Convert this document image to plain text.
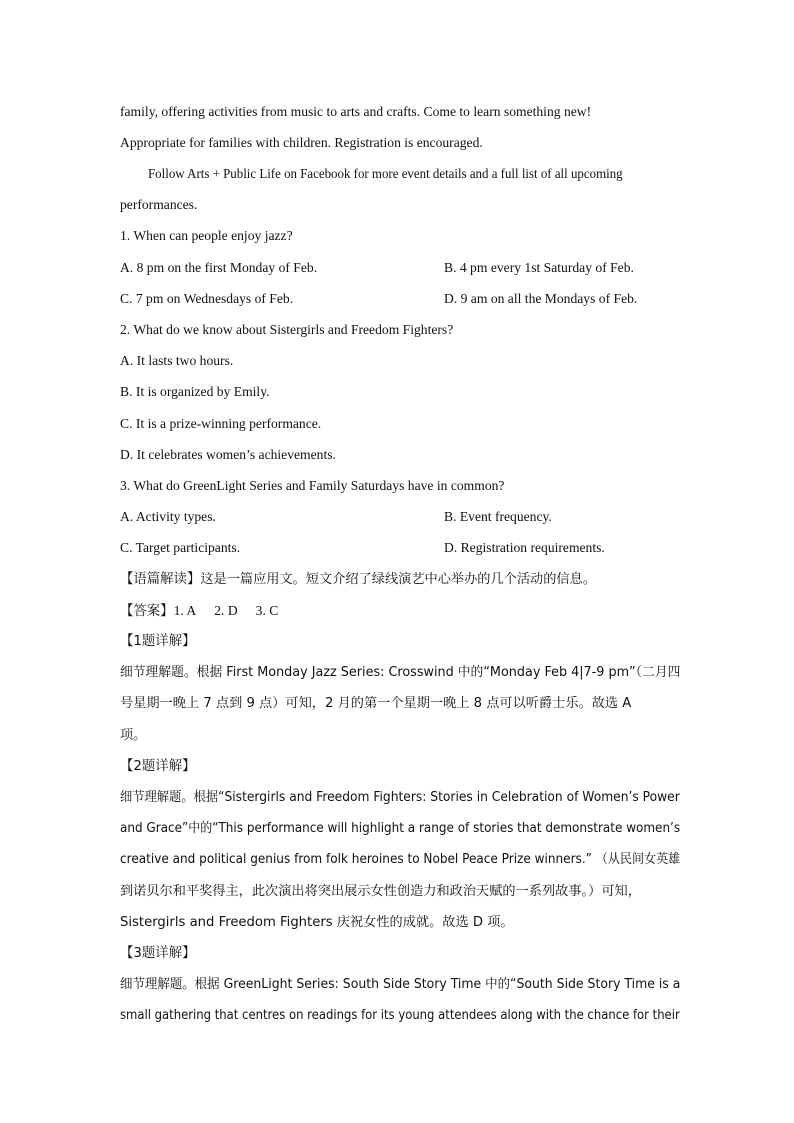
family, offering activities from music to arts and crafts. Come to learn something new!
Appropriate for families with children. Registration is encouraged.
Follow Arts + Public Life on Facebook for more event details and a full list of all upcoming
performances.
1. When can people enjoy jazz?
A. 8 pm on the first Monday of Feb.	B. 4 pm every 1st Saturday of Feb.
C. 7 pm on Wednesdays of Feb.	D. 9 am on all the Mondays of Feb.
2. What do we know about Sistergirls and Freedom Fighters?
A. It lasts two hours.
B. It is organized by Emily.
C. It is a prize-winning performance.
D. It celebrates women’s achievements.
3. What do GreenLight Series and Family Saturdays have in common?
A. Activity types.	B. Event frequency.
C. Target participants.	D. Registration requirements.
【语篇解读】这是一篇应用文。短文介绍了绿线演艺中心举办的几个活动的信息。
【答案】1. A 2. D 3. C
【1题详解】
细节理解题。根据 First Monday Jazz Series: Crosswind 中的“Monday Feb 4|7-9 pm”（二月四
号星期一晚上 7 点到 9 点）可知，2 月的第一个星期一晚上 8 点可以听爵士乐。故选 A
项。
【2题详解】
细节理解题。根据“Sistergirls and Freedom Fighters: Stories in Celebration of Women’s Power
and Grace”中的“This performance will highlight a range of stories that demonstrate women’s
creative and political genius from folk heroines to Nobel Peace Prize winners.” （从民间女英雄
到诺贝尔和平奖得主，此次演出将突出展示女性创造力和政治天赋的一系列故事。）可知，
Sistergirls and Freedom Fighters 庆祝女性的成就。故选 D 项。
【3题详解】
细节理解题。根据 GreenLight Series: South Side Story Time 中的“South Side Story Time is a
small gathering that centres on readings for its young attendees along with the chance for their
